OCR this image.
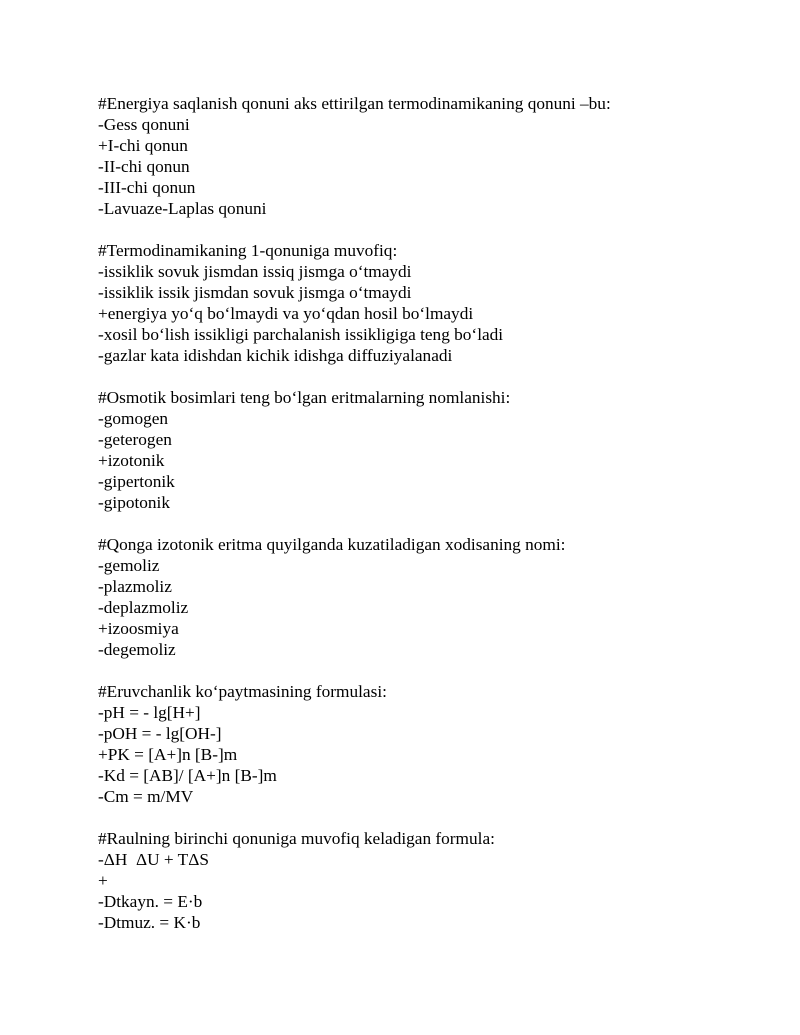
#Energiya saqlanish qonuni aks ettirilgan termodinamikaning qonuni –bu:
-Gess qonuni
+I-chi qonun
-II-chi qonun
-III-chi qonun
-Lavuaze-Laplas qonuni
#Termodinamikaning 1-qonuniga muvofiq:
-issiklik sovuk jismdan issiq jismga oʻtmaydi
-issiklik issik jismdan sovuk jismga oʻtmaydi
+energiya yoʻq boʻlmaydi va yoʻqdan hosil boʻlmaydi
-xosil boʻlish issikligi parchalanish issikligiga teng boʻladi
-gazlar kata idishdan kichik idishga diffuziyalanadi
#Osmotik bosimlari teng boʻlgan eritmalarning nomlanishi:
-gomogen
-geterogen
+izotonik
-gipertonik
-gipotonik
#Qonga izotonik eritma quyilganda kuzatiladigan xodisaning nomi:
-gemoliz
-plazmoliz
-deplazmoliz
+izoosmiya
-degemoliz
#Eruvchanlik koʻpaytmasining formulasi:
-pH = - lg[H+]
-pOH = - lg[OH-]
+PK = [A+]n [B-]m
-Kd = [AB]/ [A+]n [B-]m
-Cm = m/MV
#Raulning birinchi qonuniga muvofiq keladigan formula:
-ΔH  ΔU + TΔS
+
-Dtkayn. = E·b
-Dtmuz. = K·b
